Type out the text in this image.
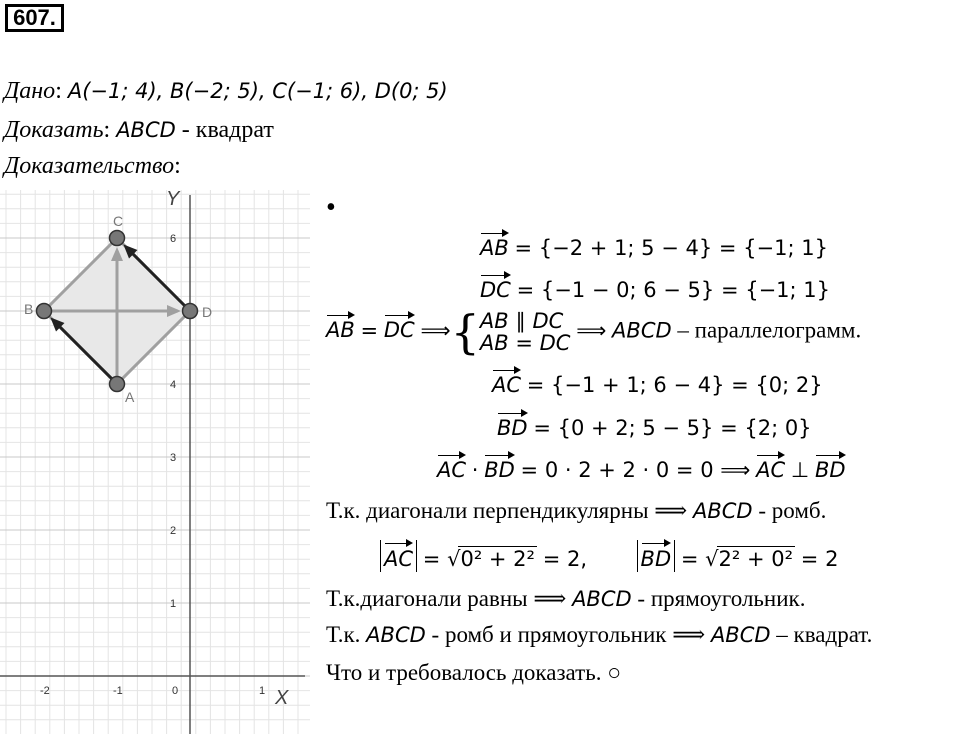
607.
Дано: A(−1; 4), B(−2; 5), C(−1; 6), D(0; 5)
Доказать: ABCD - квадрат
Доказательство:
X
Y
-2	-1	0	1
1
2
3
4
6
A
B
C
D
•
AB = {−2 + 1; 5 − 4} = {−1; 1}
DC = {−1 − 0; 6 − 5} = {−1; 1}
AB = DC ⟹{AB ∥ DC
AB = DC ⟹ ABCD – параллелограмм.
AC = {−1 + 1; 6 − 4} = {0; 2}
BD = {0 + 2; 5 − 5} = {2; 0}
AC · BD = 0 · 2 + 2 · 0 = 0 ⟹ AC ⊥ BD
Т.к. диагонали перпендикулярны ⟹ ABCD - ромб.
AC = √0² + 2² = 2,	BD = √2² + 0² = 2
Т.к.диагонали равны ⟹ ABCD - прямоугольник.
Т.к. ABCD - ромб и прямоугольник ⟹ ABCD – квадрат.
Что и требовалось доказать. ○
